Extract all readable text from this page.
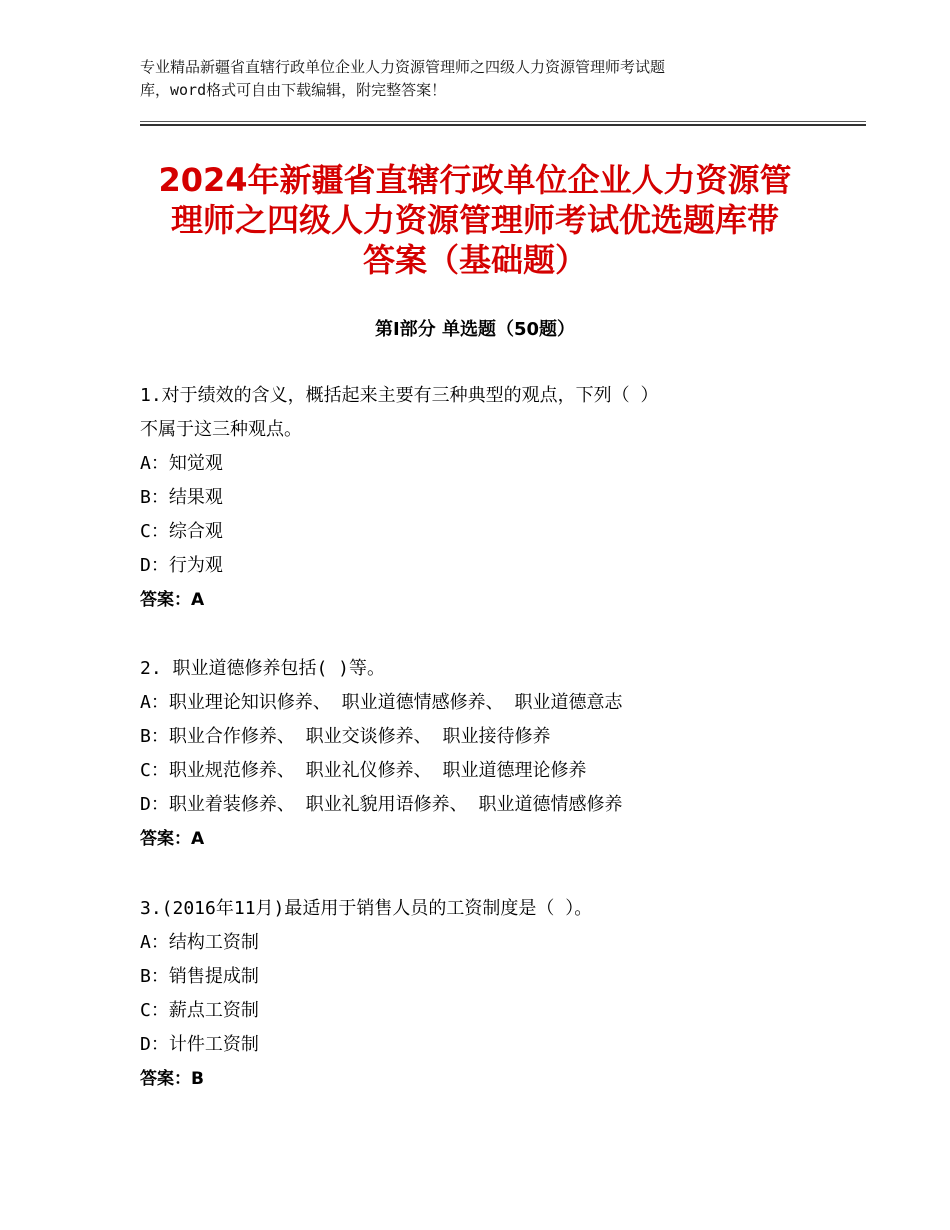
专业精品新疆省直辖行政单位企业人力资源管理师之四级人力资源管理师考试题
库，word格式可自由下载编辑，附完整答案！
2024年新疆省直辖行政单位企业人力资源管
理师之四级人力资源管理师考试优选题库带
答案（基础题）
第Ⅰ部分 单选题（50题）
1.对于绩效的含义，概括起来主要有三种典型的观点，下列（ ）
不属于这三种观点。
A：知觉观
B：结果观
C：综合观
D：行为观
答案：A
2. 职业道德修养包括( )等。
A：职业理论知识修养、 职业道德情感修养、 职业道德意志
B：职业合作修养、 职业交谈修养、 职业接待修养
C：职业规范修养、 职业礼仪修养、 职业道德理论修养
D：职业着装修养、 职业礼貌用语修养、 职业道德情感修养
答案：A
3.(2016年11月)最适用于销售人员的工资制度是（ ）。
A：结构工资制
B：销售提成制
C：薪点工资制
D：计件工资制
答案：B
